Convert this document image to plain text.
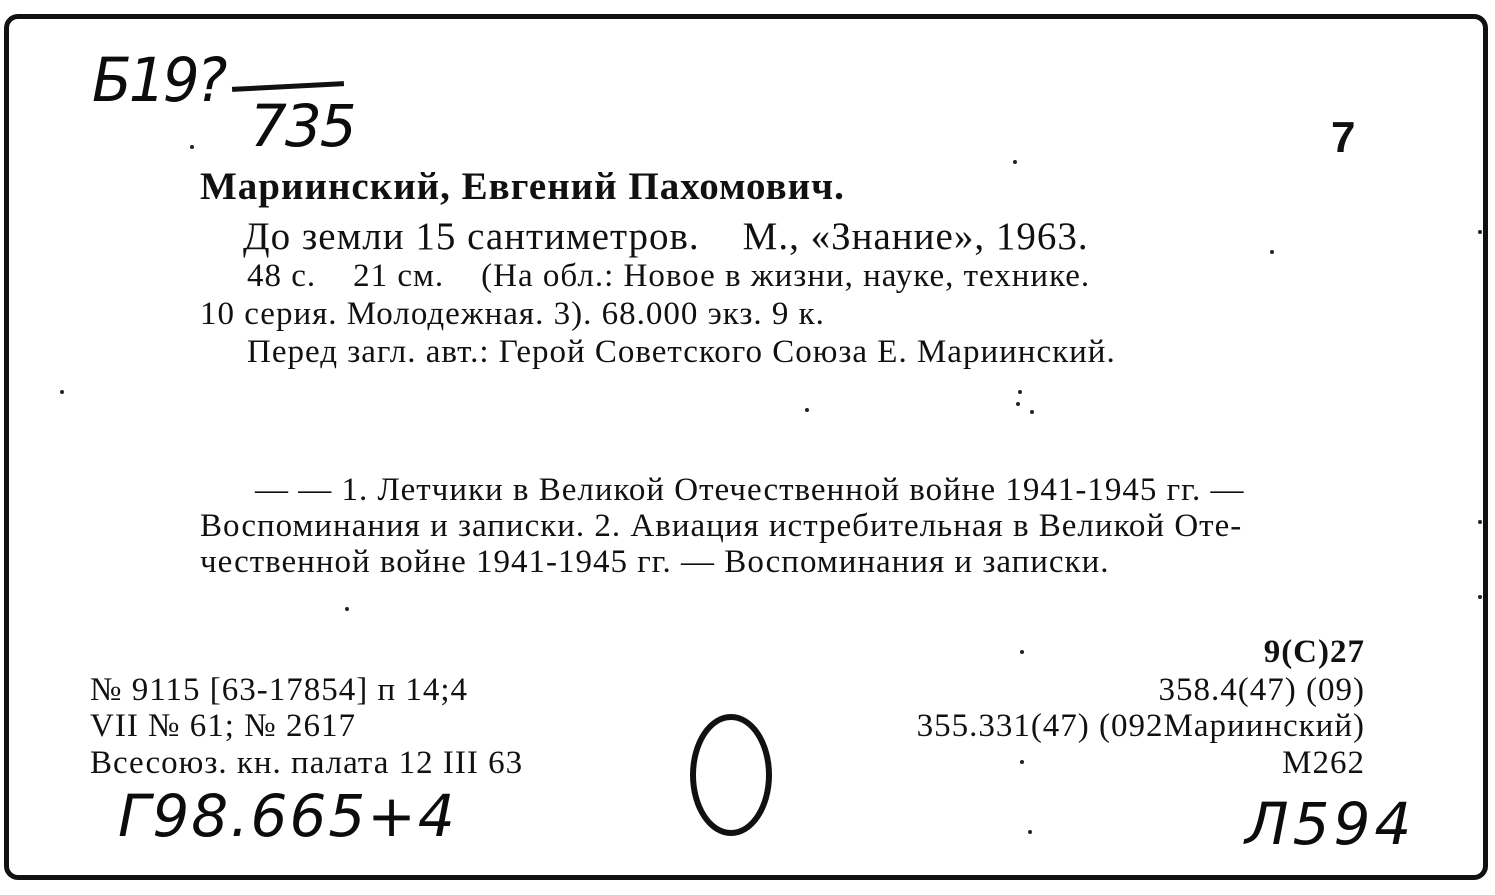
Б19?
735	7
Мариинский, Евгений Пахомович.
До земли 15 сантиметров.    М., «Знание», 1963.
48 с.    21 см.    (На обл.: Новое в жизни, науке, технике.
10 серия. Молодежная. 3). 68.000 экз. 9 к.
Перед загл. авт.: Герой Советского Союза Е. Мариинский.
— — 1. Летчики в Великой Отечественной войне 1941-1945 гг. —
Воспоминания и записки. 2. Авиация истребительная в Великой Оте-
чественной войне 1941-1945 гг. — Воспоминания и записки.
№ 9115 [63-17854] п 14;4
VII № 61; № 2617
Всесоюз. кн. палата 12 III 63
9(С)27
358.4(47) (09)
355.331(47) (092Мариинский)
М262
Г98.665+4	Л594
